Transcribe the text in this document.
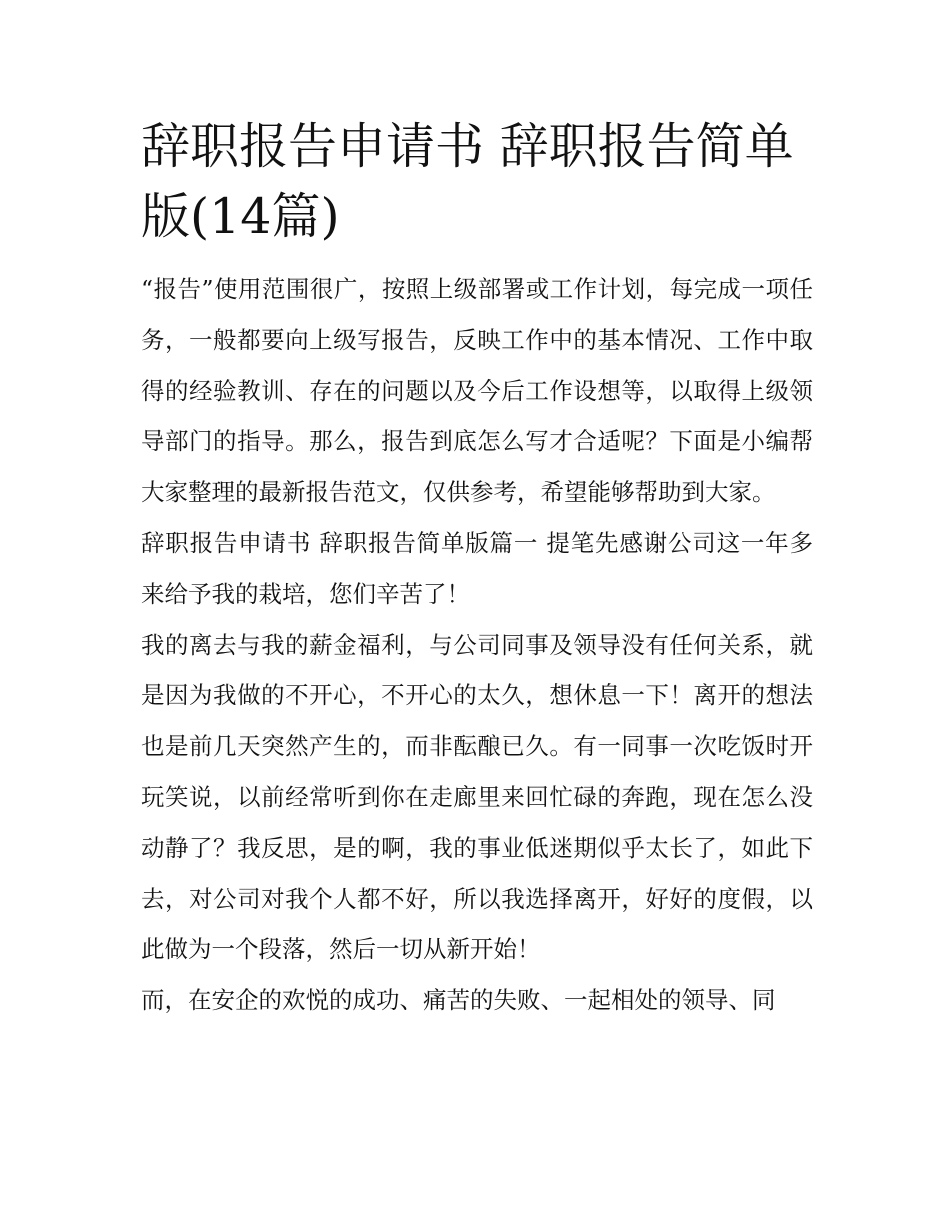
辞职报告申请书 辞职报告简单版(14篇)

“报告”使用范围很广，按照上级部署或工作计划，每完成一项任务，一般都要向上级写报告，反映工作中的基本情况、工作中取得的经验教训、存在的问题以及今后工作设想等，以取得上级领导部门的指导。那么，报告到底怎么写才合适呢？下面是小编帮大家整理的最新报告范文，仅供参考，希望能够帮助到大家。

辞职报告申请书 辞职报告简单版篇一 提笔先感谢公司这一年多来给予我的栽培，您们辛苦了！

我的离去与我的薪金福利，与公司同事及领导没有任何关系，就是因为我做的不开心，不开心的太久，想休息一下！离开的想法也是前几天突然产生的，而非酝酿已久。有一同事一次吃饭时开玩笑说，以前经常听到你在走廊里来回忙碌的奔跑，现在怎么没动静了？我反思，是的啊，我的事业低迷期似乎太长了，如此下去，对公司对我个人都不好，所以我选择离开，好好的度假，以此做为一个段落，然后一切从新开始！

而，在安企的欢悦的成功、痛苦的失败、一起相处的领导、同
